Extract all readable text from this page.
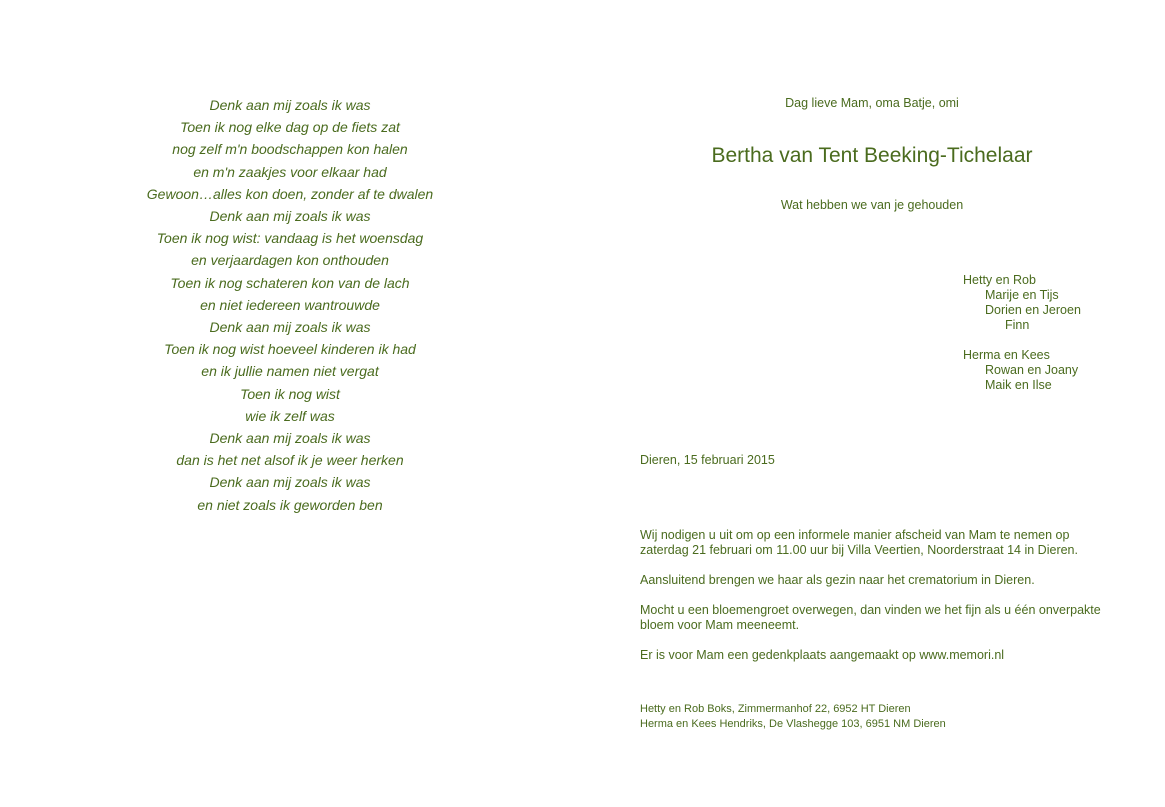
Denk aan mij zoals ik was
Toen ik nog elke dag op de fiets zat
nog zelf m'n boodschappen kon halen
en m'n zaakjes voor elkaar had
Gewoon…alles kon doen, zonder af te dwalen
Denk aan mij zoals ik was
Toen ik nog wist: vandaag is het woensdag
en verjaardagen kon onthouden
Toen ik nog schateren kon van de lach
en niet iedereen wantrouwde
Denk aan mij zoals ik was
Toen ik nog wist hoeveel kinderen ik had
en ik jullie namen niet vergat
Toen ik nog wist
wie ik zelf was
Denk aan mij zoals ik was
dan is het net alsof ik je weer herken
Denk aan mij zoals ik was
en niet zoals ik geworden ben
Dag lieve Mam, oma Batje, omi
Bertha van Tent Beeking-Tichelaar
Wat hebben we van je gehouden
Hetty en Rob
Marije en Tijs
Dorien en Jeroen
Finn
Herma en Kees
Rowan en Joany
Maik en Ilse
Dieren, 15 februari 2015

Wij nodigen u uit om op een informele manier afscheid van Mam te nemen op zaterdag 21 februari om 11.00 uur bij Villa Veertien, Noorderstraat 14 in Dieren.

Aansluitend brengen we haar als gezin naar het crematorium in Dieren.

Mocht u een bloemengroet overwegen, dan vinden we het fijn als u één onverpakte bloem voor Mam meeneemt.

Er is voor Mam een gedenkplaats aangemaakt op www.memori.nl

Hetty en Rob Boks, Zimmermanhof 22, 6952 HT Dieren
Herma en Kees Hendriks, De Vlashegge 103, 6951 NM Dieren
